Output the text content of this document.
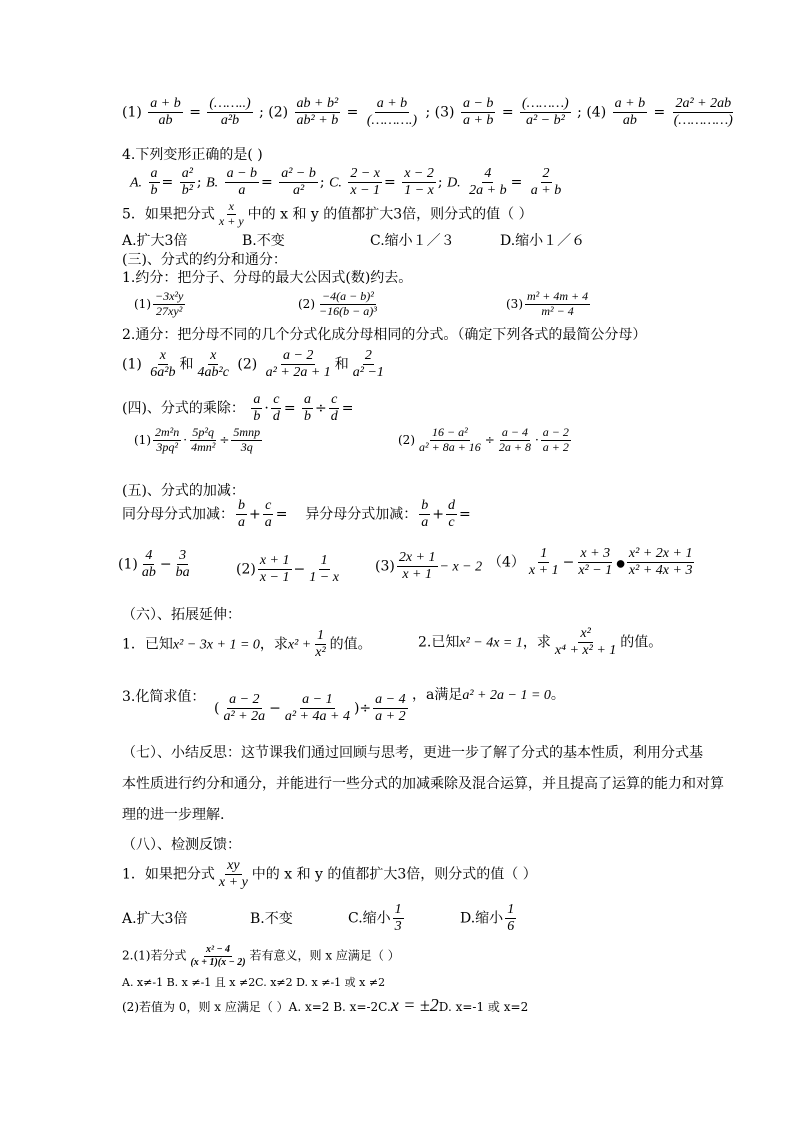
$(1) \frac{a + b}{ab} = \frac{(\dots\dots..)}{\text{a²b}}$ ; $(2) \frac{\text{ab + b²}}{\text{ab² + b}} = \frac{a + b}{(\dots\dots\dots.)}$ ; $(3) \frac{a - b}{a + b} = \frac{(\dots\dots\dots)}{\text{a² − b²}}$ ; $(4) \frac{a + b}{ab} = \frac{\text{2a² + 2ab}}{(\dots\dots\dots\dots)}$
4.下列变形正确的是( )
A. $\frac{a}{b} = \frac{\text{a²}}{\text{b²}}$ ; B. $\frac{a - b}{a} = \frac{\text{a² − b}}{\text{a²}}$ ; C. $\frac{2 - x}{x - 1} = \frac{x - 2}{1 - x}$ ; D. $\frac{4}{2a + b} = \frac{2}{a + b}$
5．如果把分式 $\frac{x}{x + y}$ 中的 x 和 y 的值都扩大3倍，则分式的值（ ）
A.扩大3倍	B.不变	C.缩小１／３	D.缩小１／６
(三)、分式的约分和通分：
1.约分：把分子、分母的最大公因式(数)约去。
$(1) \frac{\text{−3x²y}}{\text{27xy²}}$	$(2) \frac{\text{−4(a − b)²}}{\text{−16(b − a)³}}$	$(3) \frac{\text{m² + 4m + 4}}{\text{m² − 4}}$
2.通分：把分母不同的几个分式化成分母相同的分式。（确定下列各式的最简公分母）
$(1) \frac{x}{\text{6a²b}}$ 和 $\frac{x}{\text{4ab²c}} (2) \frac{a - 2}{\text{a² + 2a + 1}}$ 和 $\frac{2}{\text{a² −1}}$
(四)、分式的乘除： $\frac{a}{b} \cdot \frac{c}{d} = \frac{a}{b} \div \frac{c}{d}$ =
$(1) \frac{\text{2m²n}}{\text{3pq²}} \cdot \frac{\text{5p²q}}{\text{4mn²}} \div \frac{\text{5mnp}}{3q}$	$(2) \frac{\text{16 − a²}}{\text{a² + 8a + 16}} \div \frac{a - 4}{2a + 8} \cdot \frac{a - 2}{a + 2}$
(五)、分式的加减：
同分母分式加减： $\frac{b}{a} + \frac{c}{a}$ = 异分母分式加减： $\frac{b}{a} + \frac{d}{c}$ =
$(1) \frac{4}{ab} - \frac{3}{ba}$	$(2) \frac{x + 1}{x - 1} - \frac{1}{1 - x} (3) \frac{2x + 1}{x + 1} - x - 2$ $(4) \frac{1}{x + 1} - \frac{x + 3}{\text{x² − 1}}$ ● $\frac{\text{x² + 2x + 1}}{\text{x² + 4x + 3}}$
（六）、拓展延伸：
1．已知x² − 3x + 1 = 0，求$x^2 + \frac{1}{\text{x²}}$ 的值。	2.已知x² − 4x = 1，求 $\frac{\text{x²}}{\text{x⁴ + x² + 1}}$ 的值。
3.化简求值：
( $\frac{a - 2}{\text{a² + 2a}} - \frac{a - 1}{\text{a² + 4a + 4}}$ )÷ $\frac{a - 4}{a + 2}$ ，a满足a² + 2a − 1 = 0。
（七）、小结反思：这节课我们通过回顾与思考，更进一步了解了分式的基本性质，利用分式基
本性质进行约分和通分，并能进行一些分式的加减乘除及混合运算，并且提高了运算的能力和对算
理的进一步理解.
（八）、检测反馈：
1．如果把分式 $\frac{xy}{x + y}$ 中的 x 和 y 的值都扩大3倍，则分式的值（ ）
A.扩大3倍	B.不变	C.缩小 $\frac{1}{3}$	D.缩小 $\frac{1}{6}$
2.(1)若分式 $\frac{\text{x² − 4}}{(x + 1)(x - 2)}$ 若有意义，则 x 应满足（ ）
A. x≠-1 B. x ≠-1 且 x ≠2C. x≠2 D. x ≠-1 或 x ≠2
(2)若值为 0，则 x 应满足（ ）A. x=2 B. x=-2C.x = ±2D. x=-1 或 x=2
